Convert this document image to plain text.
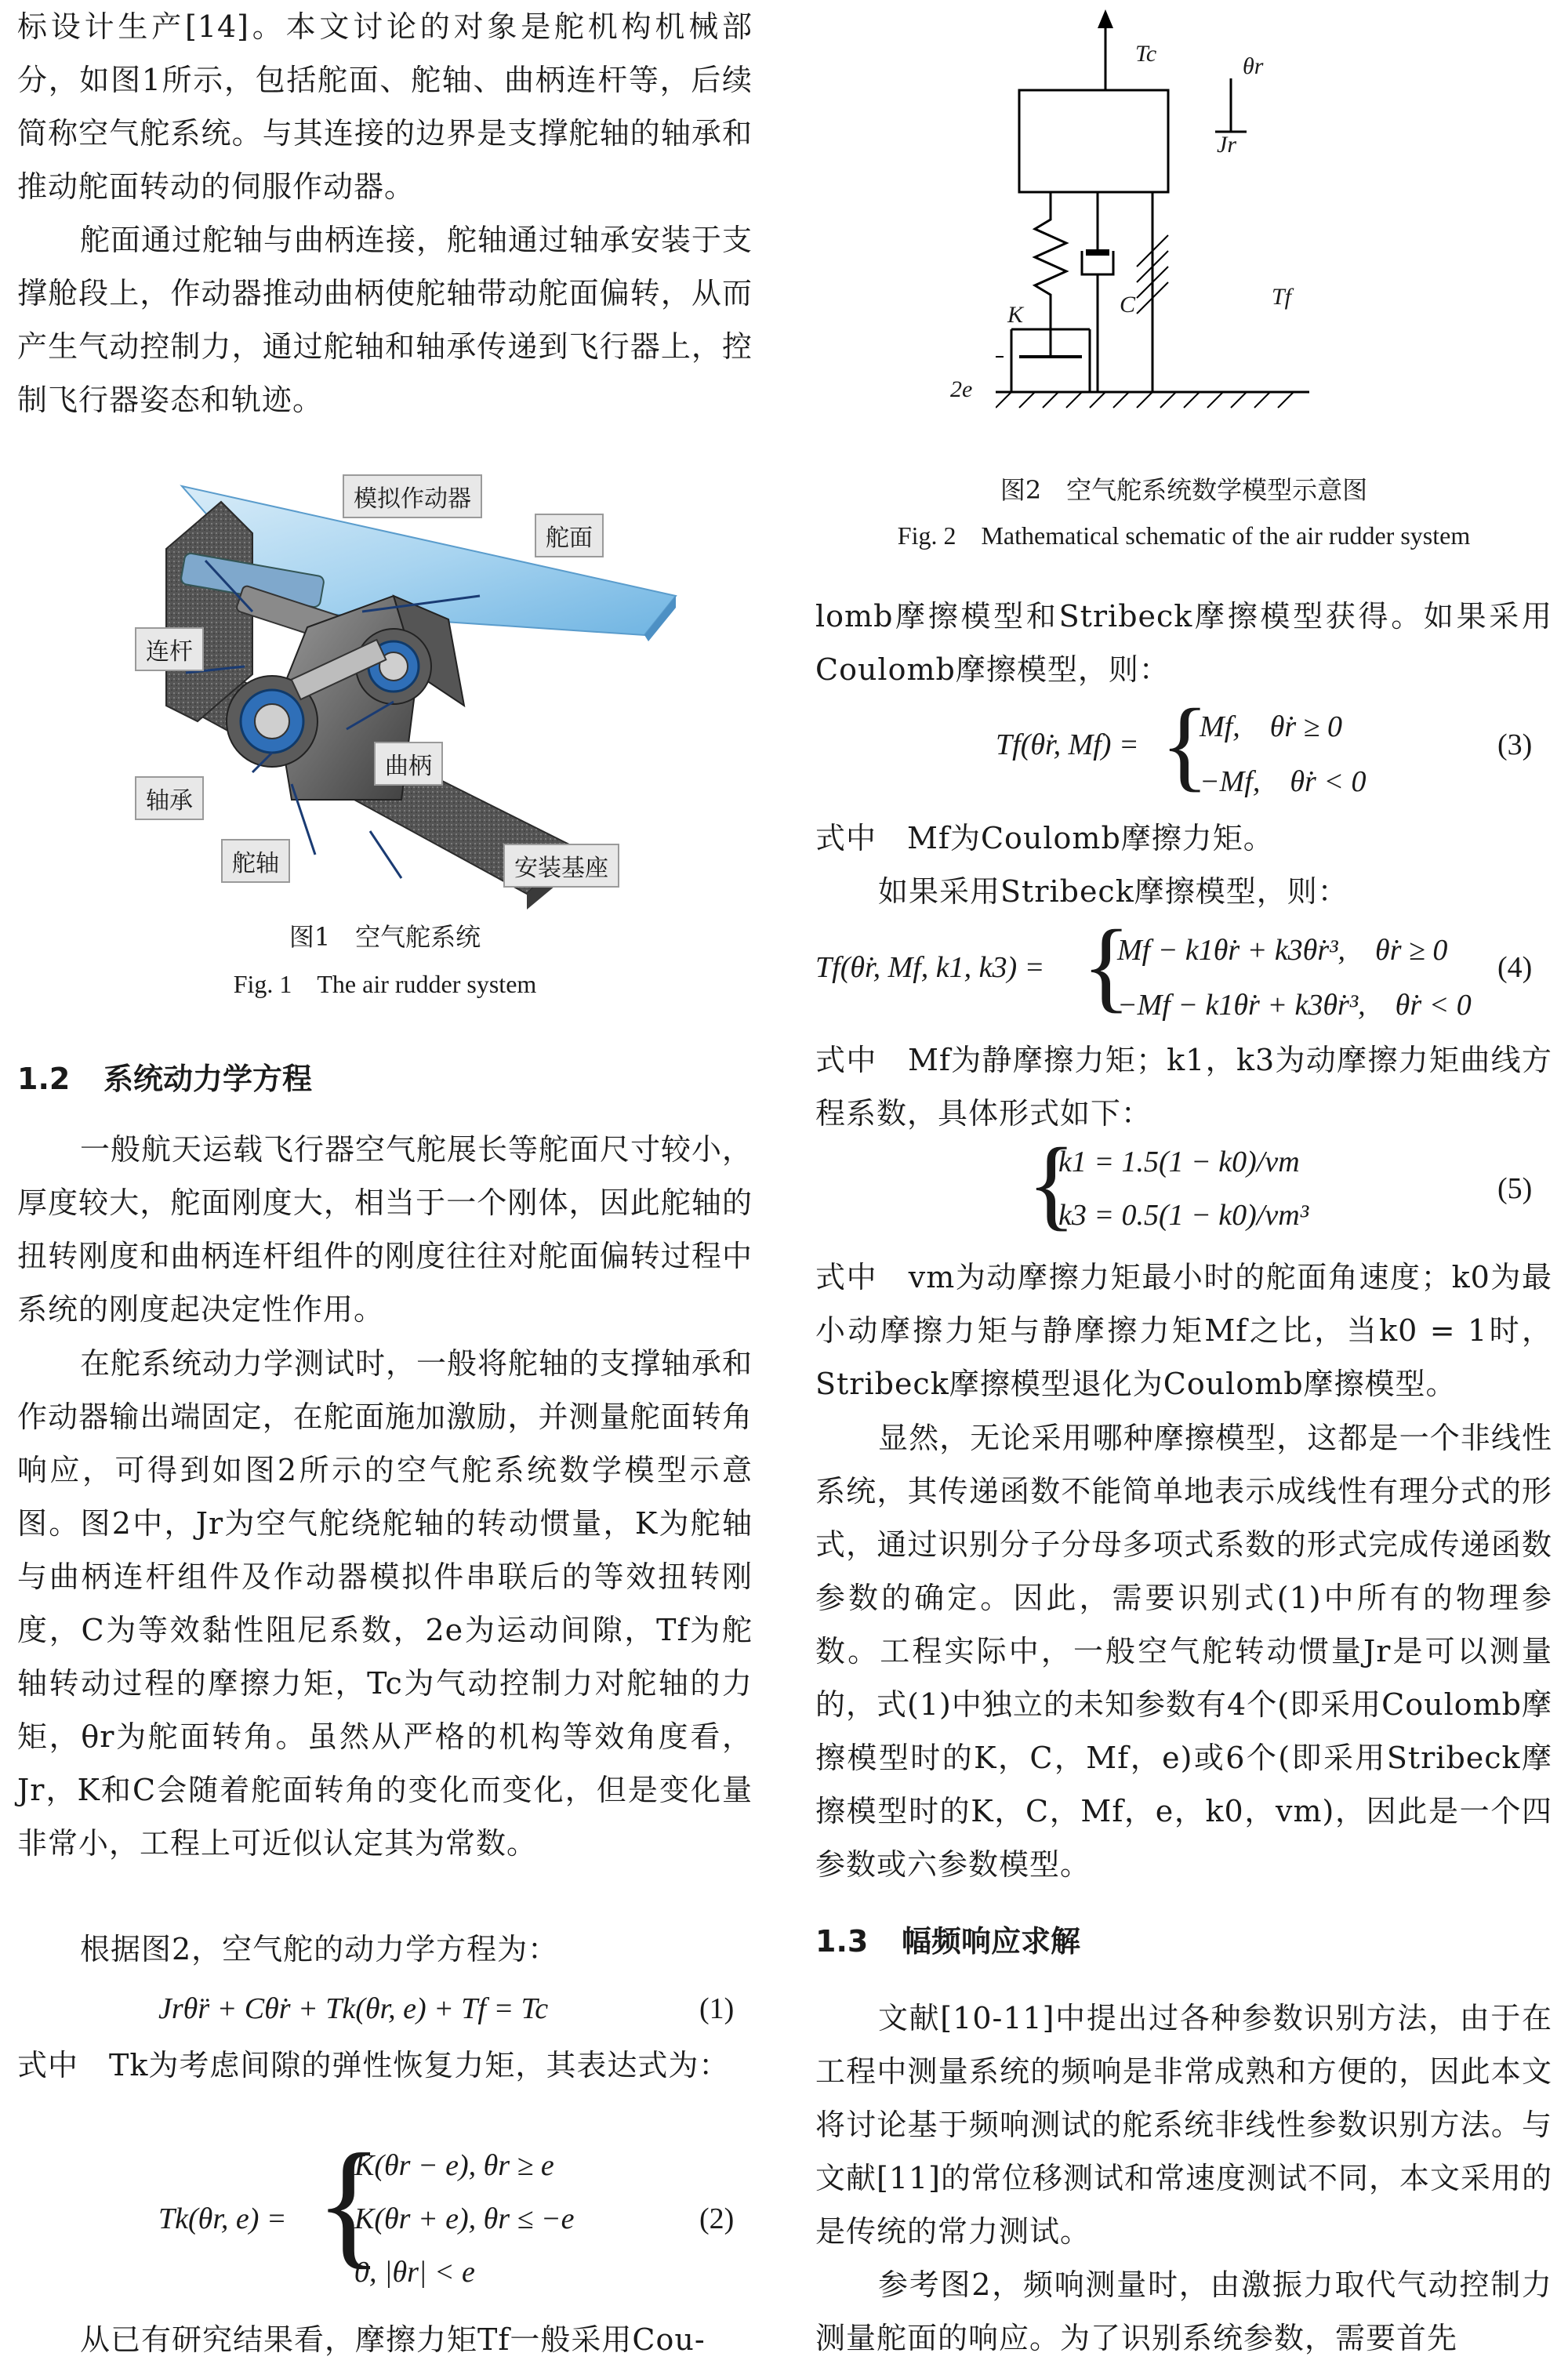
标设计生产[14]。本文讨论的对象是舵机构机械部分，如图1所示，包括舵面、舵轴、曲柄连杆等，后续简称空气舵系统。与其连接的边界是支撑舵轴的轴承和推动舵面转动的伺服作动器。

舵面通过舵轴与曲柄连接，舵轴通过轴承安装于支撑舱段上，作动器推动曲柄使舵轴带动舵面偏转，从而产生气动控制力，通过舵轴和轴承传递到飞行器上，控制飞行器姿态和轨迹。

模拟作动器
舵面
连杆
曲柄
轴承
舵轴	安装基座
图1　空气舵系统
Fig. 1　The air rudder system
1.2 系统动力学方程

一般航天运载飞行器空气舵展长等舵面尺寸较小，厚度较大，舵面刚度大，相当于一个刚体，因此舵轴的扭转刚度和曲柄连杆组件的刚度往往对舵面偏转过程中系统的刚度起决定性作用。

在舵系统动力学测试时，一般将舵轴的支撑轴承和作动器输出端固定，在舵面施加激励，并测量舵面转角响应，可得到如图2所示的空气舵系统数学模型示意图。图2中，Jr为空气舵绕舵轴的转动惯量，K为舵轴与曲柄连杆组件及作动器模拟件串联后的等效扭转刚度，C为等效黏性阻尼系数，2e为运动间隙，Tf为舵轴转动过程的摩擦力矩，Tc为气动控制力对舵轴的力矩，θr为舵面转角。虽然从严格的机构等效角度看，Jr，K和C会随着舵面转角的变化而变化，但是变化量非常小，工程上可近似认定其为常数。

根据图2，空气舵的动力学方程为：

Jrθ̈r + Cθ̇r + Tk(θr, e) + Tf = Tc	(1)

式中　Tk为考虑间隙的弹性恢复力矩，其表达式为：

Tk(θr, e) = {
K(θr − e), θr ≥ e
K(θr + e), θr ≤ −e
0, |θr| < e
(2)

从已有研究结果看，摩擦力矩Tf一般采用Cou-

Tc	θr
Jr
K	C	Tf
2e
图2　空气舵系统数学模型示意图
Fig. 2　Mathematical schematic of the air rudder system

lomb摩擦模型和Stribeck摩擦模型获得。如果采用Coulomb摩擦模型，则：

Tf(θ̇r, Mf) = {
Mf,　θ̇r ≥ 0
−Mf,　θ̇r < 0
(3)

式中　Mf为Coulomb摩擦力矩。

如果采用Stribeck摩擦模型，则：

Tf(θ̇r, Mf, k1, k3) = {
Mf − k1θ̇r + k3θ̇r³,　θ̇r ≥ 0
−Mf − k1θ̇r + k3θ̇r³,　θ̇r < 0
(4)

式中　Mf为静摩擦力矩；k1，k3为动摩擦力矩曲线方程系数，具体形式如下：

{
k1 = 1.5(1 − k0)/vm
k3 = 0.5(1 − k0)/vm³
(5)

式中　vm为动摩擦力矩最小时的舵面角速度；k0为最小动摩擦力矩与静摩擦力矩Mf之比，当k0 = 1时，Stribeck摩擦模型退化为Coulomb摩擦模型。

显然，无论采用哪种摩擦模型，这都是一个非线性系统，其传递函数不能简单地表示成线性有理分式的形式，通过识别分子分母多项式系数的形式完成传递函数参数的确定。因此，需要识别式(1)中所有的物理参数。工程实际中，一般空气舵转动惯量Jr是可以测量的，式(1)中独立的未知参数有4个(即采用Coulomb摩擦模型时的K，C，Mf，e)或6个(即采用Stribeck摩擦模型时的K，C，Mf，e，k0，vm)，因此是一个四参数或六参数模型。

1.3 幅频响应求解

文献[10-11]中提出过各种参数识别方法，由于在工程中测量系统的频响是非常成熟和方便的，因此本文将讨论基于频响测试的舵系统非线性参数识别方法。与文献[11]的常位移测试和常速度测试不同，本文采用的是传统的常力测试。

参考图2，频响测量时，由激振力取代气动控制力测量舵面的响应。为了识别系统参数，需要首先
